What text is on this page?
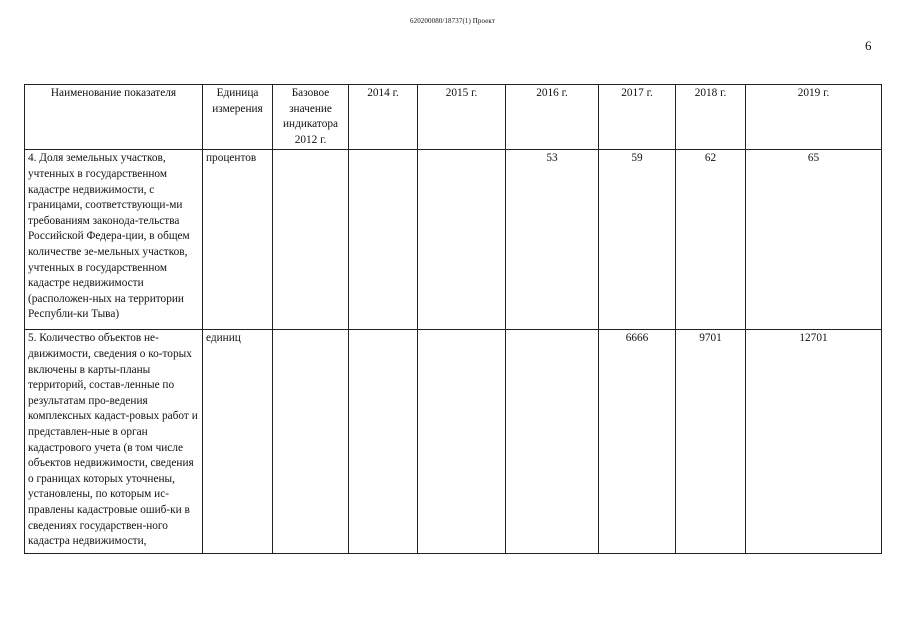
620200080/18737(1) Проект
6
Наименование показателя	Единица измерения	Базовое значение индикатора 2012 г.	2014 г.	2015 г.	2016 г.	2017 г.	2018 г.	2019 г.
4. Доля земельных участков, учтенных в государственном кадастре недвижимости, с границами, соответствующи-ми требованиям законода-тельства Российской Федера-ции, в общем количестве зе-мельных участков, учтенных в государственном кадастре недвижимости (расположен-ных на территории Республи-ки Тыва)	процентов				53	59	62	65
5. Количество объектов не-движимости, сведения о ко-торых включены в карты-планы территорий, состав-ленные по результатам про-ведения комплексных кадаст-ровых работ и представлен-ные в орган кадастрового учета (в том числе объектов недвижимости, сведения о границах которых уточнены, установлены, по которым ис-правлены кадастровые ошиб-ки в сведениях государствен-ного кадастра недвижимости,	единиц					6666	9701	12701
